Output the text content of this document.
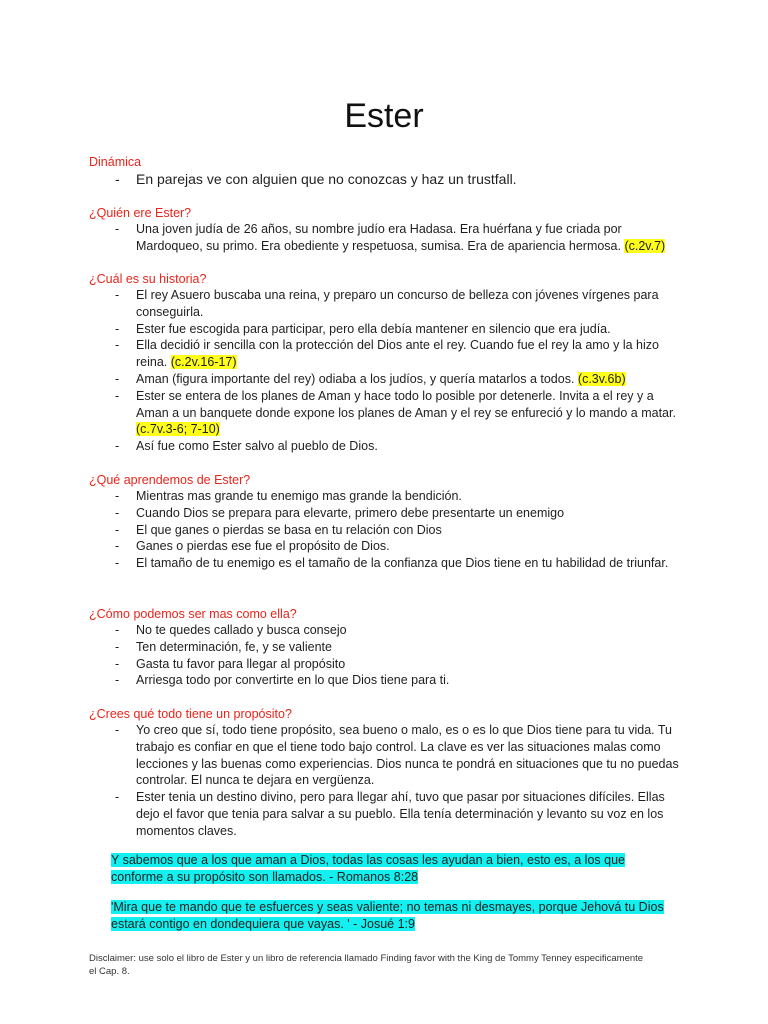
Ester
Dinámica
- En parejas ve con alguien que no conozcas y haz un trustfall.
¿Quién ere Ester?
- Una joven judía de 26 años, su nombre judío era Hadasa. Era huérfana y fue criada por Mardoqueo, su primo. Era obediente y respetuosa, sumisa. Era de apariencia hermosa. (c.2v.7)
¿Cuál es su historia?
- El rey Asuero buscaba una reina, y preparo un concurso de belleza con jóvenes vírgenes para conseguirla.
- Ester fue escogida para participar, pero ella debía mantener en silencio que era judía.
- Ella decidió ir sencilla con la protección del Dios ante el rey. Cuando fue el rey la amo y la hizo reina. (c.2v.16-17)
- Aman (figura importante del rey) odiaba a los judíos, y quería matarlos a todos. (c.3v.6b)
- Ester se entera de los planes de Aman y hace todo lo posible por detenerle. Invita a el rey y a Aman a un banquete donde expone los planes de Aman y el rey se enfureció y lo mando a matar. (c.7v.3-6; 7-10)
- Así fue como Ester salvo al pueblo de Dios.
¿Qué aprendemos de Ester?
- Mientras mas grande tu enemigo mas grande la bendición.
- Cuando Dios se prepara para elevarte, primero debe presentarte un enemigo
- El que ganes o pierdas se basa en tu relación con Dios
- Ganes o pierdas ese fue el propósito de Dios.
- El tamaño de tu enemigo es el tamaño de la confianza que Dios tiene en tu habilidad de triunfar.
¿Cómo podemos ser mas como ella?
- No te quedes callado y busca consejo
- Ten determinación, fe, y se valiente
- Gasta tu favor para llegar al propósito
- Arriesga todo por convertirte en lo que Dios tiene para ti.
¿Crees qué todo tiene un propósito?
- Yo creo que sí, todo tiene propósito, sea bueno o malo, es o es lo que Dios tiene para tu vida. Tu trabajo es confiar en que el tiene todo bajo control. La clave es ver las situaciones malas como lecciones y las buenas como experiencias. Dios nunca te pondrá en situaciones que tu no puedas controlar. El nunca te dejara en vergüenza.
- Ester tenia un destino divino, pero para llegar ahí, tuvo que pasar por situaciones difíciles. Ellas dejo el favor que tenia para salvar a su pueblo. Ella tenía determinación y levanto su voz en los momentos claves.
Y sabemos que a los que aman a Dios, todas las cosas les ayudan a bien, esto es, a los que conforme a su propósito son llamados. - Romanos 8:28
'Mira que te mando que te esfuerces y seas valiente; no temas ni desmayes, porque Jehová tu Dios estará contigo en dondequiera que vayas. ' - Josué 1:9
Disclaimer: use solo el libro de Ester y un libro de referencia llamado Finding favor with the King de Tommy Tenney especificamente el Cap. 8.
